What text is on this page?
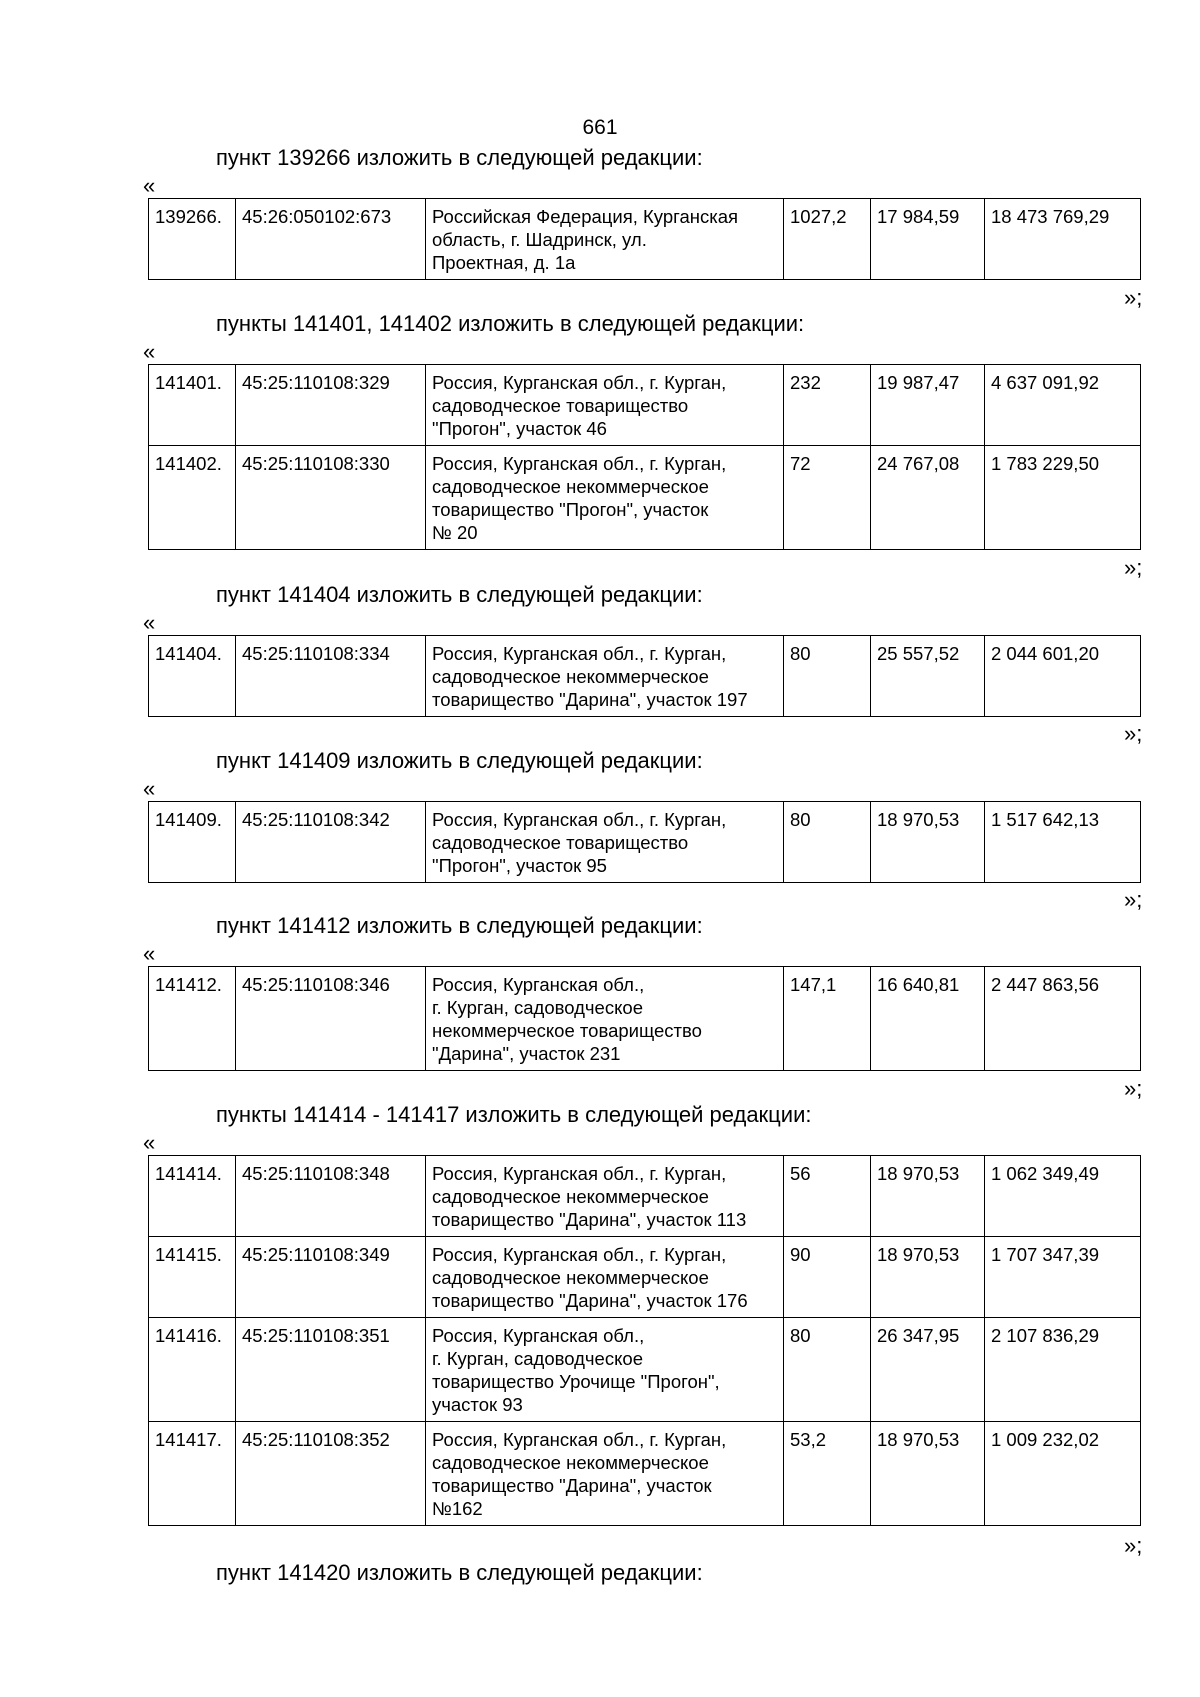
661
пункт 139266 изложить в следующей редакции:
«
139266.	45:26:050102:673	Российская Федерация, Курганская
область, г. Шадринск, ул.
Проектная, д. 1а	1027,2	17 984,59	18 473 769,29
»;
пункты 141401, 141402 изложить в следующей редакции:
«
141401.	45:25:110108:329	Россия, Курганская обл., г. Курган,
садоводческое товарищество
"Прогон", участок 46	232	19 987,47	4 637 091,92
141402.	45:25:110108:330	Россия, Курганская обл., г. Курган,
садоводческое некоммерческое
товарищество "Прогон", участок
№ 20	72	24 767,08	1 783 229,50
»;
пункт 141404 изложить в следующей редакции:
«
141404.	45:25:110108:334	Россия, Курганская обл., г. Курган,
садоводческое некоммерческое
товарищество "Дарина", участок 197	80	25 557,52	2 044 601,20
»;
пункт 141409 изложить в следующей редакции:
«
141409.	45:25:110108:342	Россия, Курганская обл., г. Курган,
садоводческое товарищество
"Прогон", участок 95	80	18 970,53	1 517 642,13
»;
пункт 141412 изложить в следующей редакции:
«
141412.	45:25:110108:346	Россия, Курганская обл.,
г. Курган, садоводческое
некоммерческое товарищество
"Дарина", участок 231	147,1	16 640,81	2 447 863,56
»;
пункты 141414 - 141417 изложить в следующей редакции:
«
141414.	45:25:110108:348	Россия, Курганская обл., г. Курган,
садоводческое некоммерческое
товарищество "Дарина", участок 113	56	18 970,53	1 062 349,49
141415.	45:25:110108:349	Россия, Курганская обл., г. Курган,
садоводческое некоммерческое
товарищество "Дарина", участок 176	90	18 970,53	1 707 347,39
141416.	45:25:110108:351	Россия, Курганская обл.,
г. Курган, садоводческое
товарищество Урочище "Прогон",
участок 93	80	26 347,95	2 107 836,29
141417.	45:25:110108:352	Россия, Курганская обл., г. Курган,
садоводческое некоммерческое
товарищество "Дарина", участок
№162	53,2	18 970,53	1 009 232,02
»;
пункт 141420 изложить в следующей редакции:
